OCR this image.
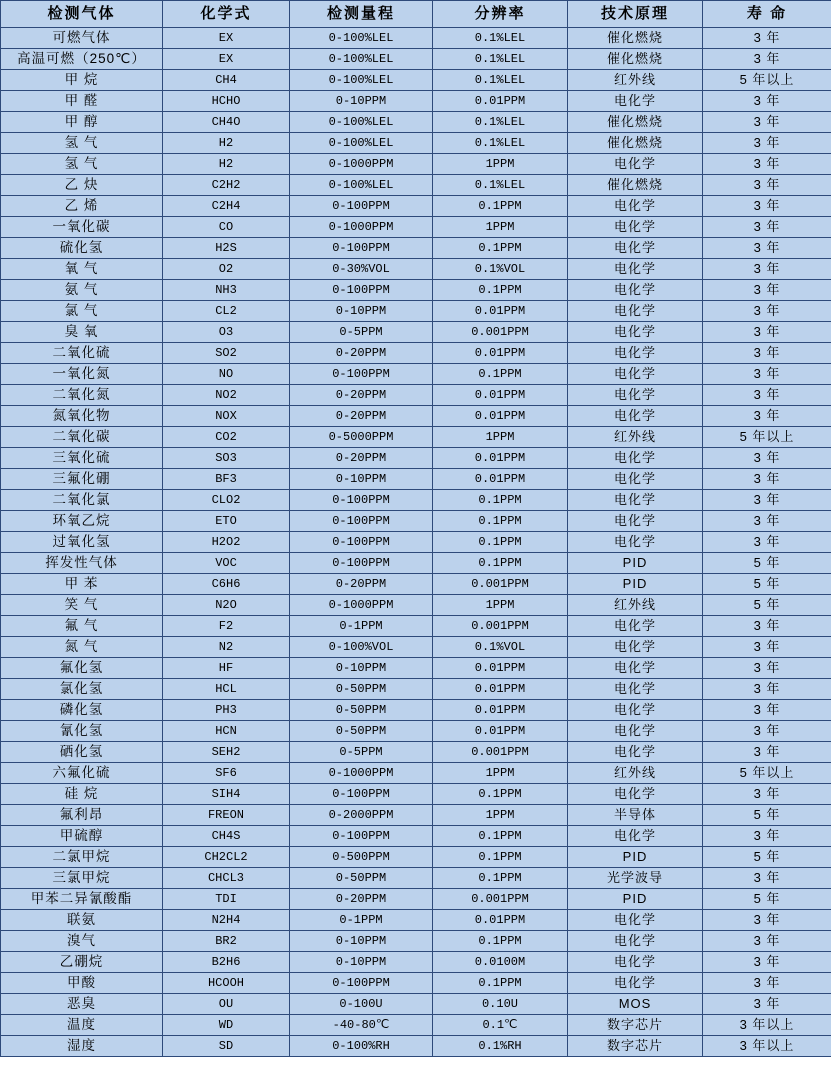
检测气体	化学式	检测量程	分辨率	技术原理	寿 命
可燃气体	EX	0-100%LEL	0.1%LEL	催化燃烧	3 年
高温可燃（250℃）	EX	0-100%LEL	0.1%LEL	催化燃烧	3 年
甲 烷	CH4	0-100%LEL	0.1%LEL	红外线	5 年以上
甲 醛	HCHO	0-10PPM	0.01PPM	电化学	3 年
甲 醇	CH4O	0-100%LEL	0.1%LEL	催化燃烧	3 年
氢 气	H2	0-100%LEL	0.1%LEL	催化燃烧	3 年
氢 气	H2	0-1000PPM	1PPM	电化学	3 年
乙 炔	C2H2	0-100%LEL	0.1%LEL	催化燃烧	3 年
乙 烯	C2H4	0-100PPM	0.1PPM	电化学	3 年
一氧化碳	CO	0-1000PPM	1PPM	电化学	3 年
硫化氢	H2S	0-100PPM	0.1PPM	电化学	3 年
氧 气	O2	0-30%VOL	0.1%VOL	电化学	3 年
氨 气	NH3	0-100PPM	0.1PPM	电化学	3 年
氯 气	CL2	0-10PPM	0.01PPM	电化学	3 年
臭 氧	O3	0-5PPM	0.001PPM	电化学	3 年
二氧化硫	SO2	0-20PPM	0.01PPM	电化学	3 年
一氧化氮	NO	0-100PPM	0.1PPM	电化学	3 年
二氧化氮	NO2	0-20PPM	0.01PPM	电化学	3 年
氮氧化物	NOX	0-20PPM	0.01PPM	电化学	3 年
二氧化碳	CO2	0-5000PPM	1PPM	红外线	5 年以上
三氧化硫	SO3	0-20PPM	0.01PPM	电化学	3 年
三氟化硼	BF3	0-10PPM	0.01PPM	电化学	3 年
二氧化氯	CLO2	0-100PPM	0.1PPM	电化学	3 年
环氧乙烷	ETO	0-100PPM	0.1PPM	电化学	3 年
过氧化氢	H2O2	0-100PPM	0.1PPM	电化学	3 年
挥发性气体	VOC	0-100PPM	0.1PPM	PID	5 年
甲 苯	C6H6	0-20PPM	0.001PPM	PID	5 年
笑 气	N2O	0-1000PPM	1PPM	红外线	5 年
氟 气	F2	0-1PPM	0.001PPM	电化学	3 年
氮 气	N2	0-100%VOL	0.1%VOL	电化学	3 年
氟化氢	HF	0-10PPM	0.01PPM	电化学	3 年
氯化氢	HCL	0-50PPM	0.01PPM	电化学	3 年
磷化氢	PH3	0-50PPM	0.01PPM	电化学	3 年
氰化氢	HCN	0-50PPM	0.01PPM	电化学	3 年
硒化氢	SEH2	0-5PPM	0.001PPM	电化学	3 年
六氟化硫	SF6	0-1000PPM	1PPM	红外线	5 年以上
硅 烷	SIH4	0-100PPM	0.1PPM	电化学	3 年
氟利昂	FREON	0-2000PPM	1PPM	半导体	5 年
甲硫醇	CH4S	0-100PPM	0.1PPM	电化学	3 年
二氯甲烷	CH2CL2	0-500PPM	0.1PPM	PID	5 年
三氯甲烷	CHCL3	0-50PPM	0.1PPM	光学波导	3 年
甲苯二异氰酸酯	TDI	0-20PPM	0.001PPM	PID	5 年
联氨	N2H4	0-1PPM	0.01PPM	电化学	3 年
溴气	BR2	0-10PPM	0.1PPM	电化学	3 年
乙硼烷	B2H6	0-10PPM	0.0100M	电化学	3 年
甲酸	HCOOH	0-100PPM	0.1PPM	电化学	3 年
恶臭	OU	0-100U	0.10U	MOS	3 年
温度	WD	-40-80℃	0.1℃	数字芯片	3 年以上
湿度	SD	0-100%RH	0.1%RH	数字芯片	3 年以上
